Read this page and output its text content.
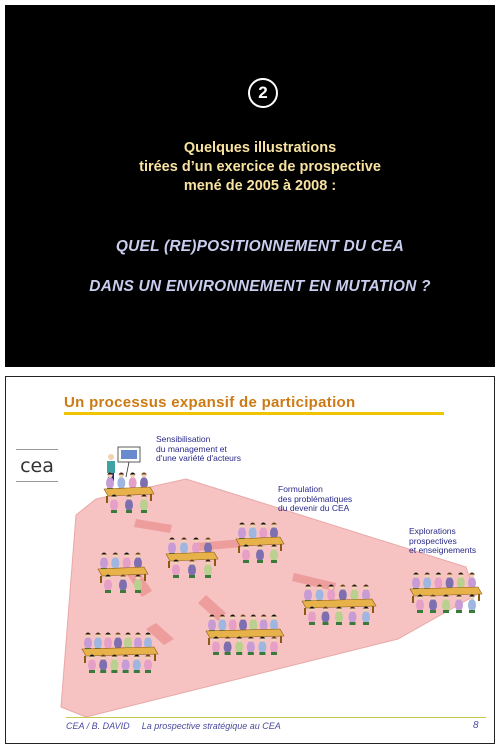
2
Quelques illustrations
tirées d’un exercice de prospective
mené de 2005 à 2008 :
QUEL (RE)POSITIONNEMENT DU CEA
DANS UN ENVIRONNEMENT EN MUTATION ?
Un processus expansif de participation
cea
Sensibilisation
du management et
d'une variété d'acteurs
Formulation
des problématiques
du devenir du CEA
Explorations
prospectives
et enseignements
CEA / B. DAVID La prospective stratégique au CEA	8
